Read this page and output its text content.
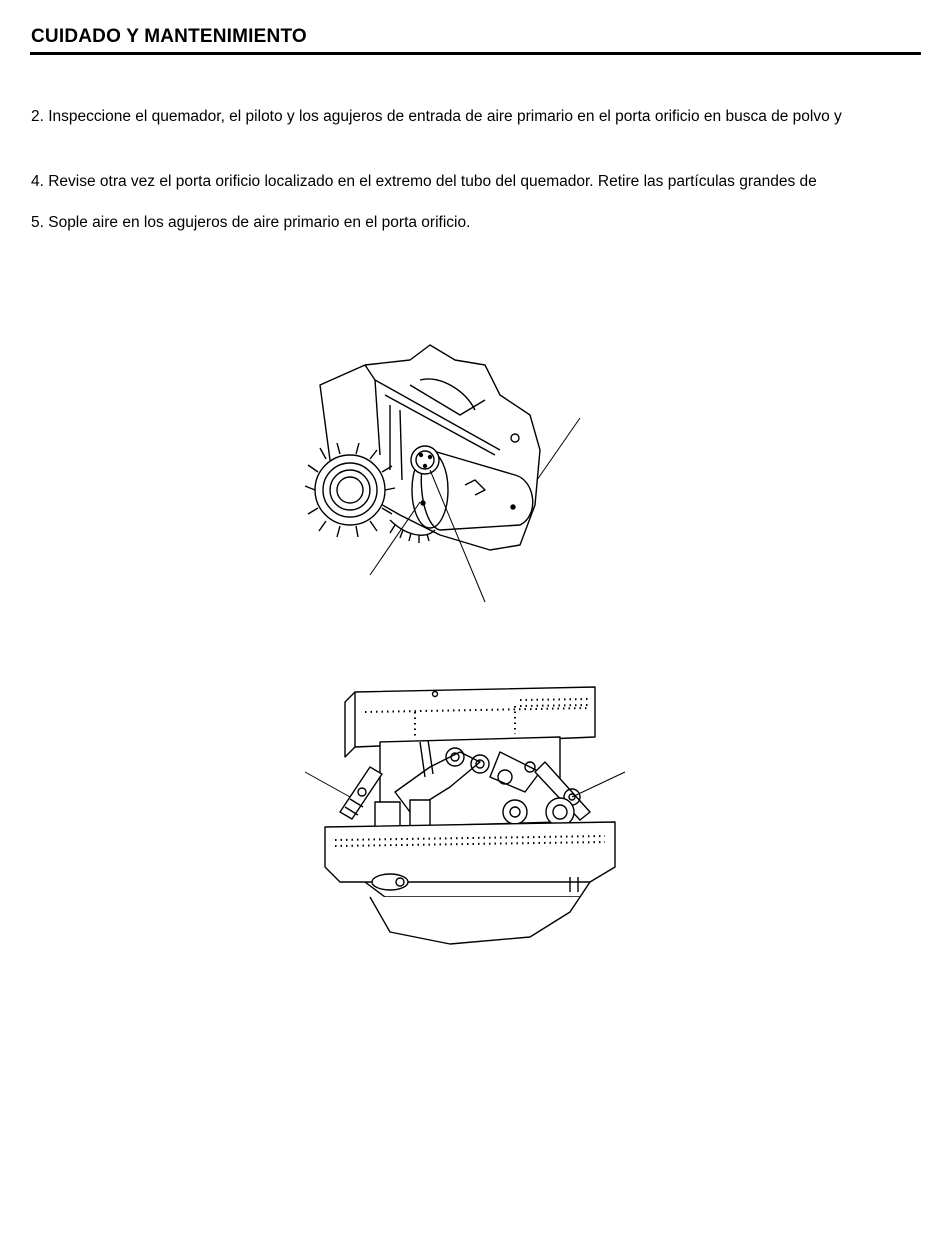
CUIDADO Y MANTENIMIENTO
2. Inspeccione el quemador, el piloto y los agujeros de entrada de aire primario en el porta orificio en busca de polvo y
4. Revise otra vez el porta orificio localizado en el extremo del tubo del quemador. Retire las partículas grandes de
5. Sople aire en los agujeros de aire primario en el porta orificio.
